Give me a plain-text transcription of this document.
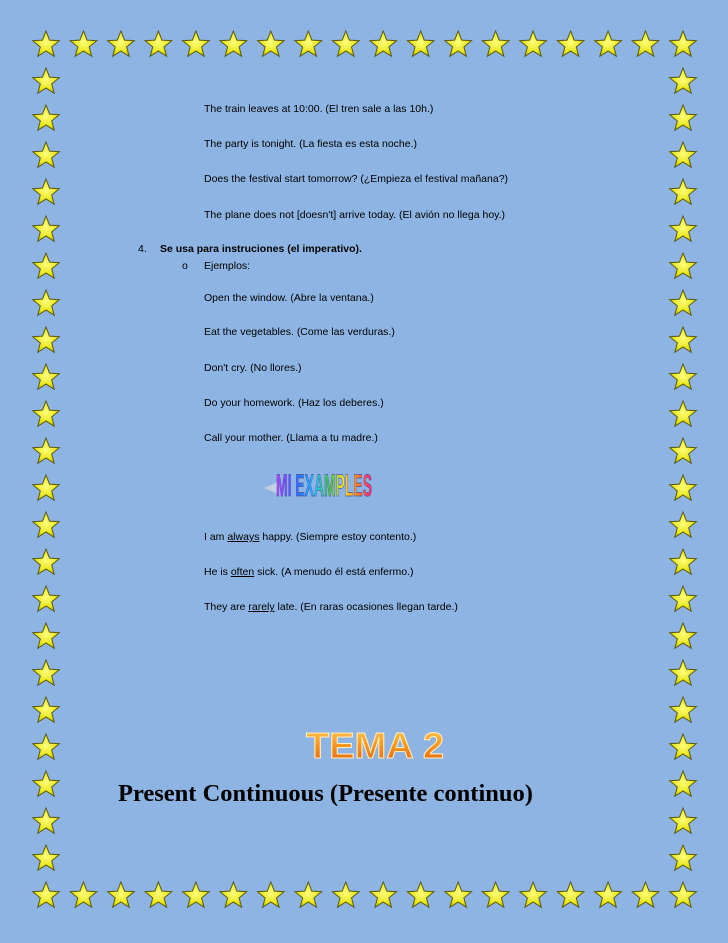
The train leaves at 10:00. (El tren sale a las 10h.)
The party is tonight. (La fiesta es esta noche.)
Does the festival start tomorrow? (¿Empieza el festival mañana?)
The plane does not [doesn't] arrive today. (El avión no llega hoy.)
4. Se usa para instruciones (el imperativo).
o Ejemplos:
Open the window. (Abre la ventana.)
Eat the vegetables. (Come las verduras.)
Don't cry. (No llores.)
Do your homework. (Haz los deberes.)
Call your mother. (Llama a tu madre.)
MI EXAMPLES
I am always happy. (Siempre estoy contento.)
He is often sick. (A menudo él está enfermo.)
They are rarely late. (En raras ocasiones llegan tarde.)
TEMA 2
Present Continuous (Presente continuo)
